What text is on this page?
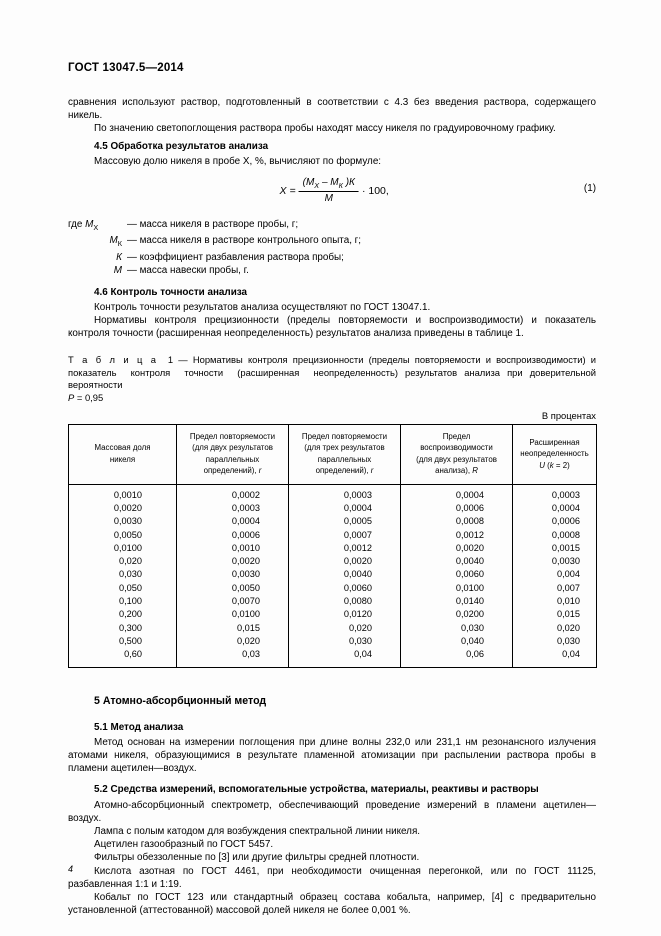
ГОСТ 13047.5—2014

сравнения используют раствор, подготовленный в соответствии с 4.3 без введения раствора, содержащего никель.

По значению светопоглощения раствора пробы находят массу никеля по градуировочному графику.

4.5 Обработка результатов анализа

Массовую долю никеля в пробе X, %, вычисляют по формуле:

$X = \frac{(M_X - M_К )К}{M} \cdot 100$,	(1)
где $M_X$	— масса никеля в растворе пробы, г;
$M_К$ — масса никеля в растворе контрольного опыта, г;
К — коэффициент разбавления раствора пробы;
M — масса навески пробы, г.
4.6 Контроль точности анализа

Контроль точности результатов анализа осуществляют по ГОСТ 13047.1.

Нормативы контроля прецизионности (пределы повторяемости и воспроизводимости) и показатель контроля точности (расширенная неопределенность) результатов анализа приведены в таблице 1.

Т а б л и ц а 1 — Нормативы контроля прецизионности (пределы повторяемости и воспроизводимости) и показатель  контроля  точности  (расширенная  неопределенность) результатов анализа при доверительной вероятности
P = 0,95
В процентах
Массовая доля
никеля	Предел повторяемости
(для двух результатов
параллельных
определений), r	Предел повторяемости
(для трех результатов
параллельных
определений), r	Предел
воспроизводимости
(для двух результатов
анализа), R	Расширенная
неопределенность
U (k = 2)
0,0010	0,0002	0,0003	0,0004	0,0003
0,0020	0,0003	0,0004	0,0006	0,0004
0,0030	0,0004	0,0005	0,0008	0,0006
0,0050	0,0006	0,0007	0,0012	0,0008
0,0100	0,0010	0,0012	0,0020	0,0015
0,020	0,0020	0,0020	0,0040	0,0030
0,030	0,0030	0,0040	0,0060	0,004
0,050	0,0050	0,0060	0,0100	0,007
0,100	0,0070	0,0080	0,0140	0,010
0,200	0,0100	0,0120	0,0200	0,015
0,300	0,015	0,020	0,030	0,020
0,500	0,020	0,030	0,040	0,030
0,60	0,03	0,04	0,06	0,04
5 Атомно-абсорбционный метод
5.1 Метод анализа

Метод основан на измерении поглощения при длине волны 232,0 или 231,1 нм резонансного излучения атомами никеля, образующимися в результате пламенной атомизации при распылении раствора пробы в пламени ацетилен—воздух.

5.2 Средства измерений, вспомогательные устройства, материалы, реактивы и растворы

Атомно-абсорбционный спектрометр, обеспечивающий проведение измерений в пламени ацетилен—воздух.

Лампа с полым катодом для возбуждения спектральной линии никеля.

Ацетилен газообразный по ГОСТ 5457.

Фильтры обеззоленные по [3] или другие фильтры средней плотности.

Кислота азотная по ГОСТ 4461, при необходимости очищенная перегонкой, или по ГОСТ 11125, разбавленная 1:1 и 1:19.

Кобальт по ГОСТ 123 или стандартный образец состава кобальта, например, [4] с предварительно установленной (аттестованной) массовой долей никеля не более 0,001 %.

4
